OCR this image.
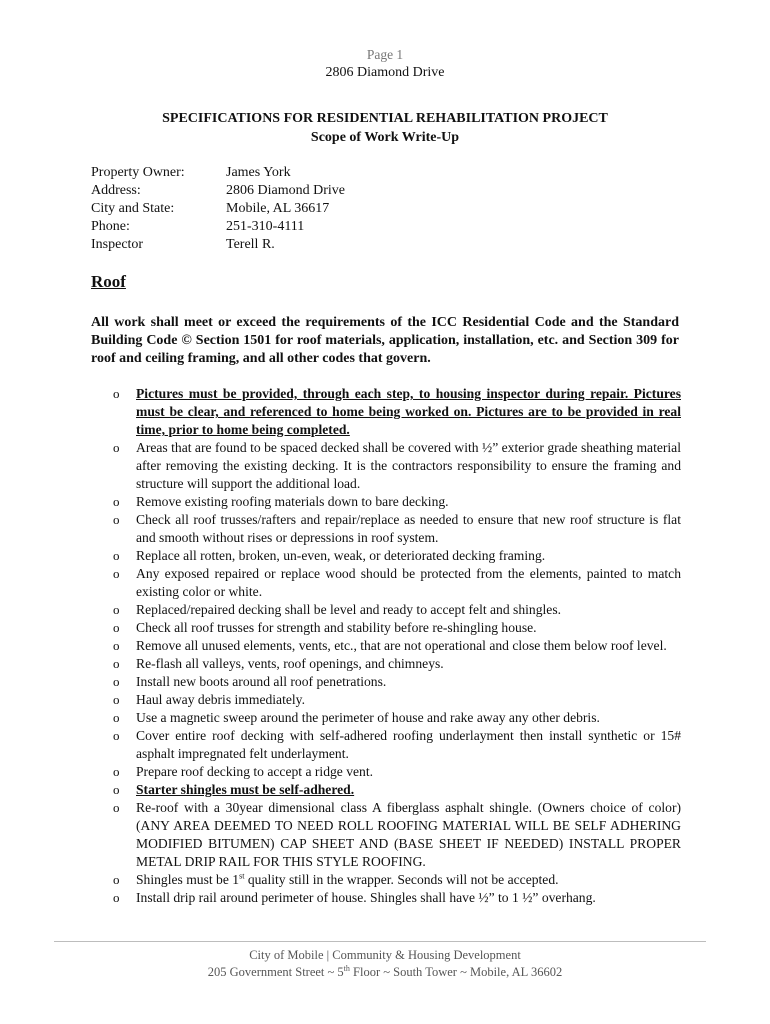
Page 1
2806 Diamond Drive
SPECIFICATIONS FOR RESIDENTIAL REHABILITATION PROJECT
Scope of Work Write-Up
Property Owner:	James York
Address:	2806 Diamond Drive
City and State:	Mobile, AL 36617
Phone:	251-310-4111
Inspector	Terell R.
Roof
All work shall meet or exceed the requirements of the ICC Residential Code and the Standard Building Code © Section 1501 for roof materials, application, installation, etc. and Section 309 for roof and ceiling framing, and all other codes that govern.
o	Pictures must be provided, through each step, to housing inspector during repair. Pictures must be clear, and referenced to home being worked on. Pictures are to be provided in real time, prior to home being completed.
o	Areas that are found to be spaced decked shall be covered with ½” exterior grade sheathing material after removing the existing decking. It is the contractors responsibility to ensure the framing and structure will support the additional load.
o	Remove existing roofing materials down to bare decking.
o	Check all roof trusses/rafters and repair/replace as needed to ensure that new roof structure is flat and smooth without rises or depressions in roof system.
o	Replace all rotten, broken, un-even, weak, or deteriorated decking framing.
o	Any exposed repaired or replace wood should be protected from the elements, painted to match existing color or white.
o	Replaced/repaired decking shall be level and ready to accept felt and shingles.
o	Check all roof trusses for strength and stability before re-shingling house.
o	Remove all unused elements, vents, etc., that are not operational and close them below roof level.
o	Re-flash all valleys, vents, roof openings, and chimneys.
o	Install new boots around all roof penetrations.
o	Haul away debris immediately.
o	Use a magnetic sweep around the perimeter of house and rake away any other debris.
o	Cover entire roof decking with self-adhered roofing underlayment then install synthetic or 15# asphalt impregnated felt underlayment.
o	Prepare roof decking to accept a ridge vent.
o	Starter shingles must be self-adhered.
o	Re-roof with a 30year dimensional class A fiberglass asphalt shingle. (Owners choice of color) (ANY AREA DEEMED TO NEED ROLL ROOFING MATERIAL WILL BE SELF ADHERING MODIFIED BITUMEN) CAP SHEET AND (BASE SHEET IF NEEDED) INSTALL PROPER METAL DRIP RAIL FOR THIS STYLE ROOFING.
o	Shingles must be 1st quality still in the wrapper. Seconds will not be accepted.
o	Install drip rail around perimeter of house. Shingles shall have ½” to 1 ½” overhang.
City of Mobile | Community & Housing Development
205 Government Street ~ 5th Floor ~ South Tower ~ Mobile, AL 36602
